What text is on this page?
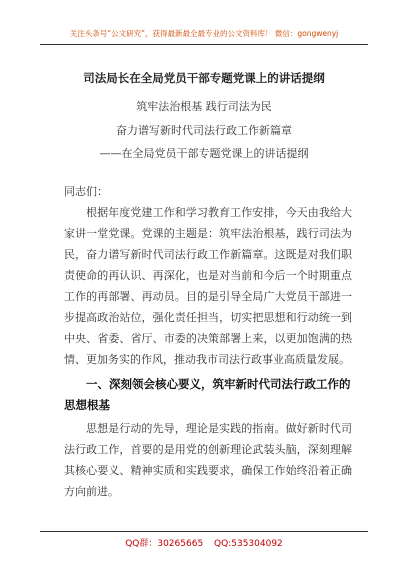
关注头条号“公文研究”，获得最新最全最专业的公文资料库！ 微信：gongwenyj
司法局长在全局党员干部专题党课上的讲话提纲
筑牢法治根基 践行司法为民
奋力谱写新时代司法行政工作新篇章
——在全局党员干部专题党课上的讲话提纲
同志们：

根据年度党建工作和学习教育工作安排，今天由我给大家讲一堂党课。党课的主题是：筑牢法治根基，践行司法为民，奋力谱写新时代司法行政工作新篇章。这既是对我们职责使命的再认识、再深化，也是对当前和今后一个时期重点工作的再部署、再动员。目的是引导全局广大党员干部进一步提高政治站位，强化责任担当，切实把思想和行动统一到中央、省委、省厅、市委的决策部署上来，以更加饱满的热情、更加务实的作风，推动我市司法行政事业高质量发展。

一、深刻领会核心要义，筑牢新时代司法行政工作的思想根基

思想是行动的先导，理论是实践的指南。做好新时代司法行政工作，首要的是用党的创新理论武装头脑，深刻理解其核心要义、精神实质和实践要求，确保工作始终沿着正确方向前进。

QQ群：30265665 QQ:535304092
